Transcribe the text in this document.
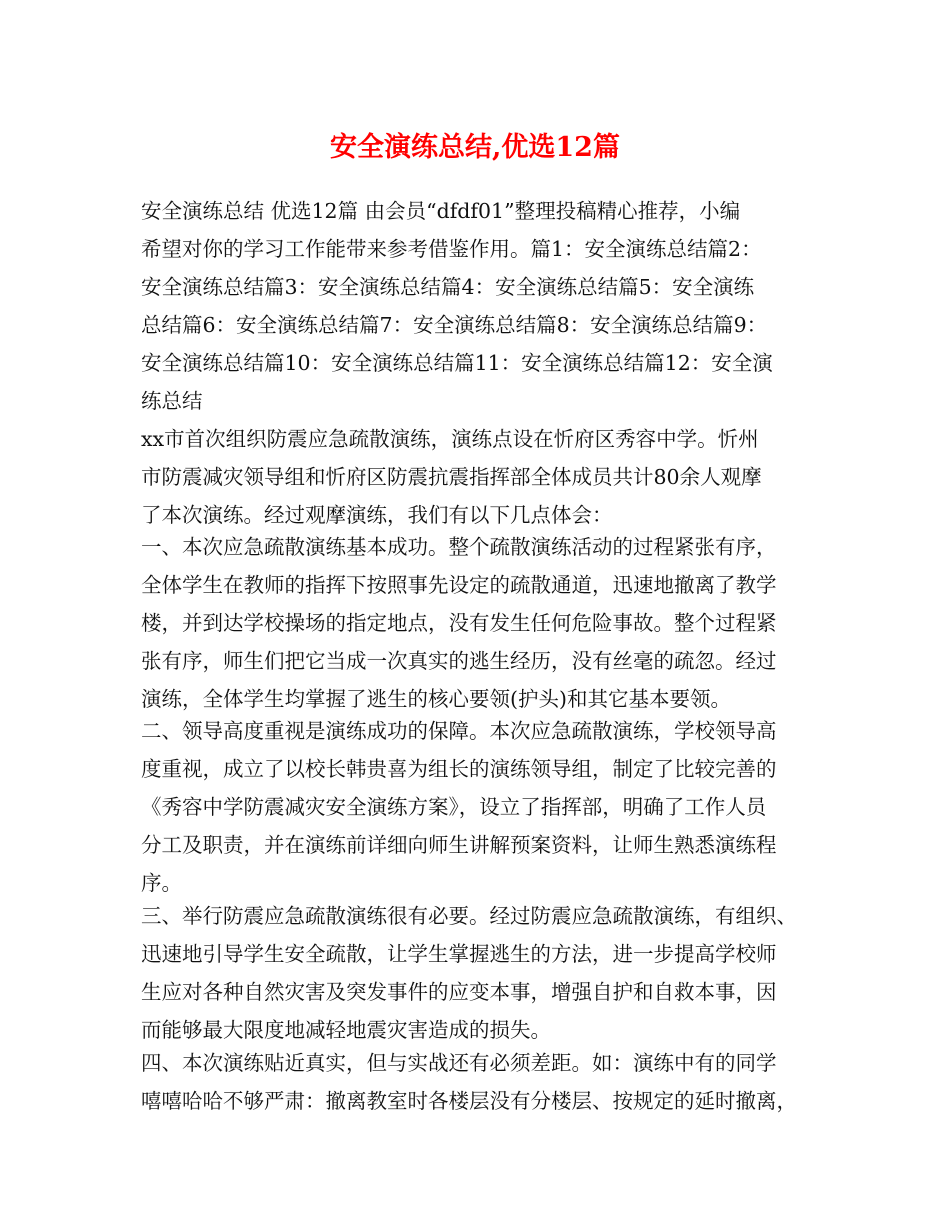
安全演练总结,优选12篇
安全演练总结 优选12篇 由会员“dfdf01”整理投稿精心推荐，小编
希望对你的学习工作能带来参考借鉴作用。篇1：安全演练总结篇2：
安全演练总结篇3：安全演练总结篇4：安全演练总结篇5：安全演练
总结篇6：安全演练总结篇7：安全演练总结篇8：安全演练总结篇9：
安全演练总结篇10：安全演练总结篇11：安全演练总结篇12：安全演
练总结
xx市首次组织防震应急疏散演练，演练点设在忻府区秀容中学。忻州
市防震减灾领导组和忻府区防震抗震指挥部全体成员共计80余人观摩
了本次演练。经过观摩演练，我们有以下几点体会：
一、本次应急疏散演练基本成功。整个疏散演练活动的过程紧张有序，
全体学生在教师的指挥下按照事先设定的疏散通道，迅速地撤离了教学
楼，并到达学校操场的指定地点，没有发生任何危险事故。整个过程紧
张有序，师生们把它当成一次真实的逃生经历，没有丝毫的疏忽。经过
演练，全体学生均掌握了逃生的核心要领(护头)和其它基本要领。
二、领导高度重视是演练成功的保障。本次应急疏散演练，学校领导高
度重视，成立了以校长韩贵喜为组长的演练领导组，制定了比较完善的
《秀容中学防震减灾安全演练方案》，设立了指挥部，明确了工作人员
分工及职责，并在演练前详细向师生讲解预案资料，让师生熟悉演练程
序。
三、举行防震应急疏散演练很有必要。经过防震应急疏散演练，有组织、
迅速地引导学生安全疏散，让学生掌握逃生的方法，进一步提高学校师
生应对各种自然灾害及突发事件的应变本事，增强自护和自救本事，因
而能够最大限度地减轻地震灾害造成的损失。
四、本次演练贴近真实，但与实战还有必须差距。如：演练中有的同学
嘻嘻哈哈不够严肃：撤离教室时各楼层没有分楼层、按规定的延时撤离，
